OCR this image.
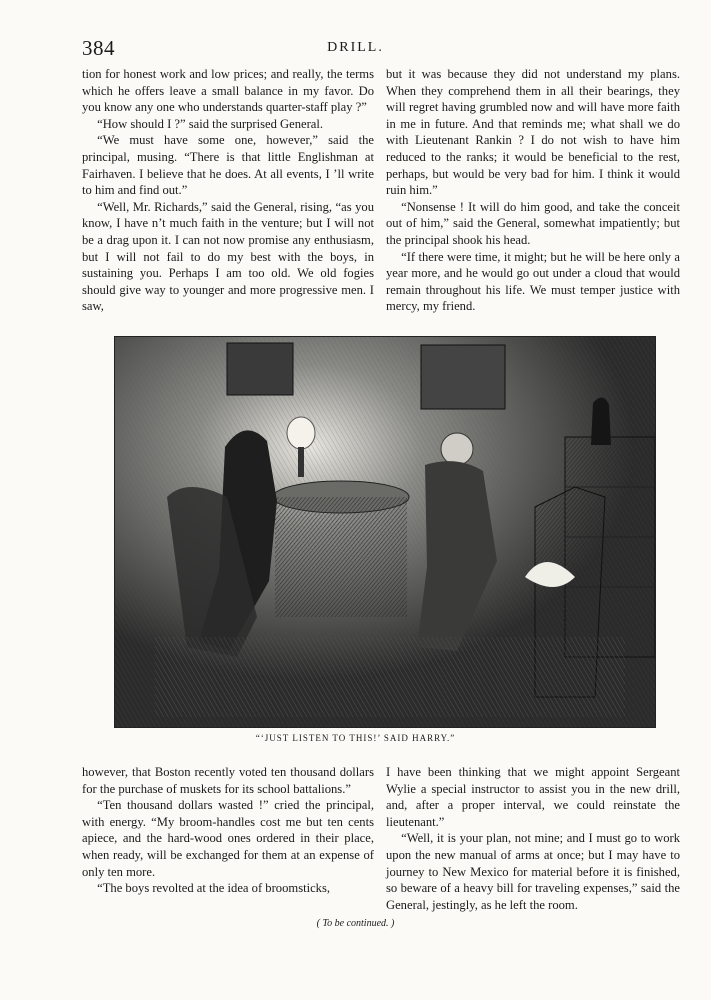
384	DRILL.

tion for honest work and low prices; and really, the terms which he offers leave a small balance in my favor. Do you know any one who understands quarter-staff play ?”

“How should I ?” said the surprised General.

“We must have some one, however,” said the principal, musing. “There is that little Englishman at Fairhaven. I believe that he does. At all events, I ’ll write to him and find out.”

“Well, Mr. Richards,” said the General, rising, “as you know, I have n’t much faith in the venture; but I will not be a drag upon it. I can not now promise any enthusiasm, but I will not fail to do my best with the boys, in sustaining you. Perhaps I am too old. We old fogies should give way to younger and more progressive men. I saw,

but it was because they did not understand my plans. When they comprehend them in all their bearings, they will regret having grumbled now and will have more faith in me in future. And that reminds me; what shall we do with Lieutenant Rankin ? I do not wish to have him reduced to the ranks; it would be beneficial to the rest, perhaps, but would be very bad for him. I think it would ruin him.”

“Nonsense ! It will do him good, and take the conceit out of him,” said the General, somewhat impatiently; but the principal shook his head.

“If there were time, it might; but he will be here only a year more, and he would go out under a cloud that would remain throughout his life. We must temper justice with mercy, my friend.

“‘JUST LISTEN TO THIS!’ SAID HARRY.”

however, that Boston recently voted ten thousand dollars for the purchase of muskets for its school battalions.”

“Ten thousand dollars wasted !” cried the principal, with energy. “My broom-handles cost me but ten cents apiece, and the hard-wood ones ordered in their place, when ready, will be exchanged for them at an expense of only ten more.

“The boys revolted at the idea of broomsticks,

I have been thinking that we might appoint Sergeant Wylie a special instructor to assist you in the new drill, and, after a proper interval, we could reinstate the lieutenant.”

“Well, it is your plan, not mine; and I must go to work upon the new manual of arms at once; but I may have to journey to New Mexico for material before it is finished, so beware of a heavy bill for traveling expenses,” said the General, jestingly, as he left the room.

( To be continued. )
